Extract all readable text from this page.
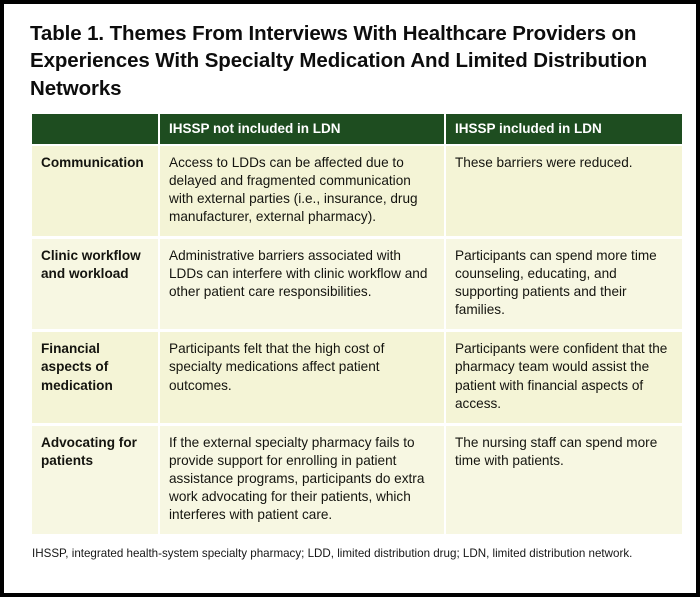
Table 1. Themes From Interviews With Healthcare Providers on Experiences With Specialty Medication And Limited Distribution Networks
	IHSSP not included in LDN	IHSSP included in LDN

Communication	Access to LDDs can be affected due to delayed and fragmented communication with external parties (i.e., insurance, drug manufacturer, external pharmacy).	These barriers were reduced.

Clinic workflow and workload	Administrative barriers associated with LDDs can interfere with clinic workflow and other patient care responsibilities.	Participants can spend more time counseling, educating, and supporting patients and their families.

Financial aspects of medication	Participants felt that the high cost of specialty medications affect patient outcomes.	Participants were confident that the pharmacy team would assist the patient with financial aspects of access.

Advocating for patients	If the external specialty pharmacy fails to provide support for enrolling in patient assistance programs, participants do extra work advocating for their patients, which interferes with patient care.	The nursing staff can spend more time with patients.
IHSSP, integrated health-system specialty pharmacy; LDD, limited distribution drug; LDN, limited distribution network.
